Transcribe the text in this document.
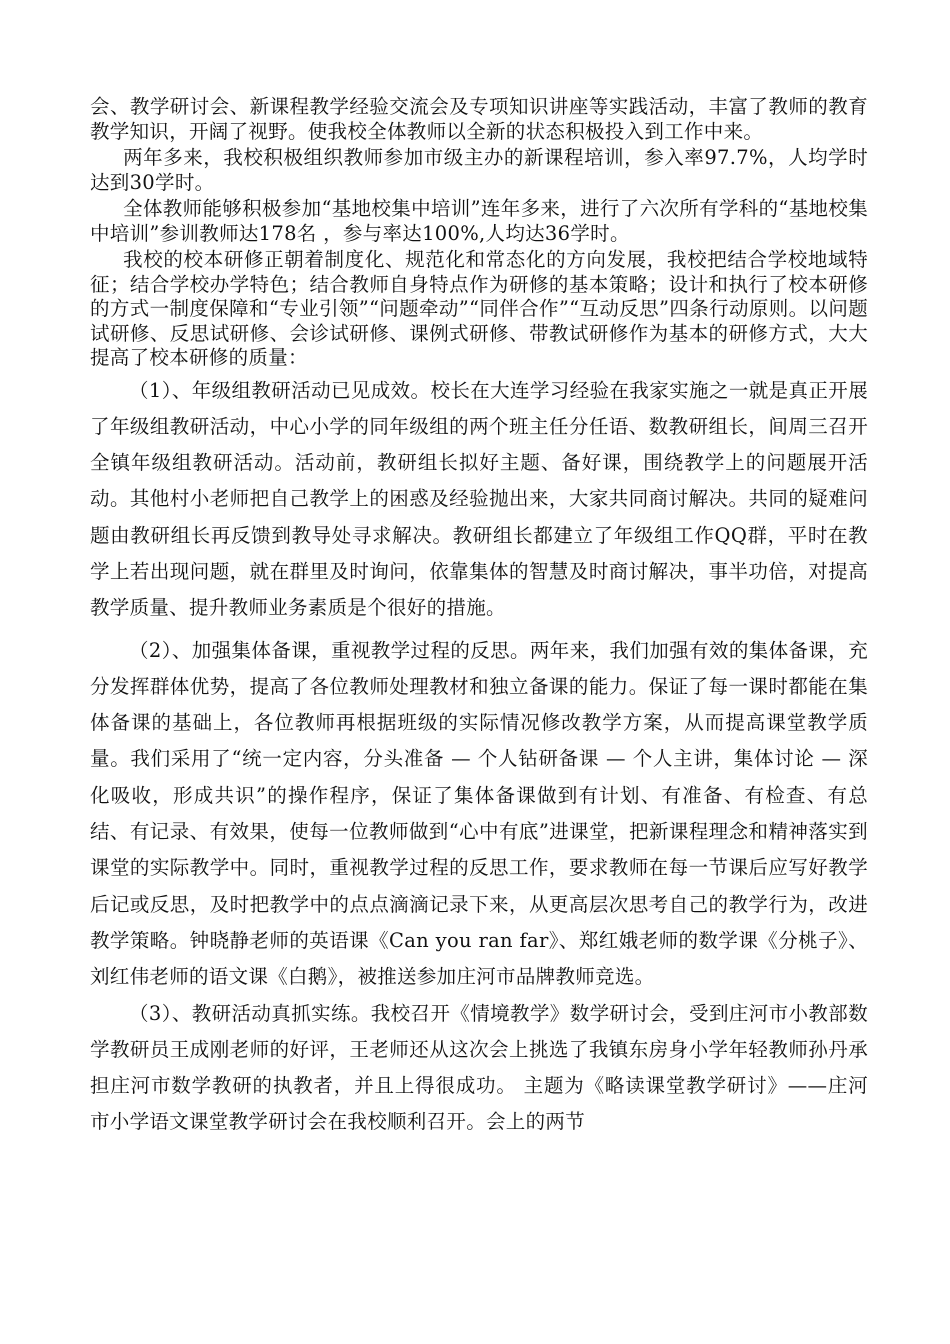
会、教学研讨会、新课程教学经验交流会及专项知识讲座等实践活动，丰富了教师的教育教学知识，开阔了视野。使我校全体教师以全新的状态积极投入到工作中来。

两年多来，我校积极组织教师参加市级主办的新课程培训，参入率97.7%，人均学时达到30学时。

全体教师能够积极参加“基地校集中培训”连年多来，进行了六次所有学科的“基地校集中培训”参训教师达178名 ，参与率达100%,人均达36学时。

我校的校本研修正朝着制度化、规范化和常态化的方向发展，我校把结合学校地域特征；结合学校办学特色；结合教师自身特点作为研修的基本策略；设计和执行了校本研修的方式一制度保障和“专业引领”“问题牵动”“同伴合作”“互动反思”四条行动原则。以问题试研修、反思试研修、会诊试研修、课例式研修、带教试研修作为基本的研修方式，大大提高了校本研修的质量：

（1）、年级组教研活动已见成效。校长在大连学习经验在我家实施之一就是真正开展了年级组教研活动，中心小学的同年级组的两个班主任分任语、数教研组长，间周三召开全镇年级组教研活动。活动前，教研组长拟好主题、备好课，围绕教学上的问题展开活动。其他村小老师把自己教学上的困惑及经验抛出来，大家共同商讨解决。共同的疑难问题由教研组长再反馈到教导处寻求解决。教研组长都建立了年级组工作QQ群，平时在教学上若出现问题，就在群里及时询问，依靠集体的智慧及时商讨解决，事半功倍，对提高教学质量、提升教师业务素质是个很好的措施。

（2）、加强集体备课，重视教学过程的反思。两年来，我们加强有效的集体备课，充分发挥群体优势，提高了各位教师处理教材和独立备课的能力。保证了每一课时都能在集体备课的基础上，各位教师再根据班级的实际情况修改教学方案，从而提高课堂教学质量。我们采用了“统一定内容，分头准备 — 个人钻研备课 — 个人主讲，集体讨论 — 深化吸收，形成共识”的操作程序，保证了集体备课做到有计划、有准备、有检查、有总结、有记录、有效果，使每一位教师做到“心中有底”进课堂，把新课程理念和精神落实到课堂的实际教学中。同时，重视教学过程的反思工作，要求教师在每一节课后应写好教学后记或反思，及时把教学中的点点滴滴记录下来，从更高层次思考自己的教学行为，改进教学策略。钟晓静老师的英语课《Can you ran far》、郑红娥老师的数学课《分桃子》、刘红伟老师的语文课《白鹅》，被推送参加庄河市品牌教师竞选。

（3）、教研活动真抓实练。我校召开《情境教学》数学研讨会，受到庄河市小教部数学教研员王成刚老师的好评，王老师还从这次会上挑选了我镇东房身小学年轻教师孙丹承担庄河市数学教研的执教者，并且上得很成功。 主题为《略读课堂教学研讨》——庄河市小学语文课堂教学研讨会在我校顺利召开。会上的两节
